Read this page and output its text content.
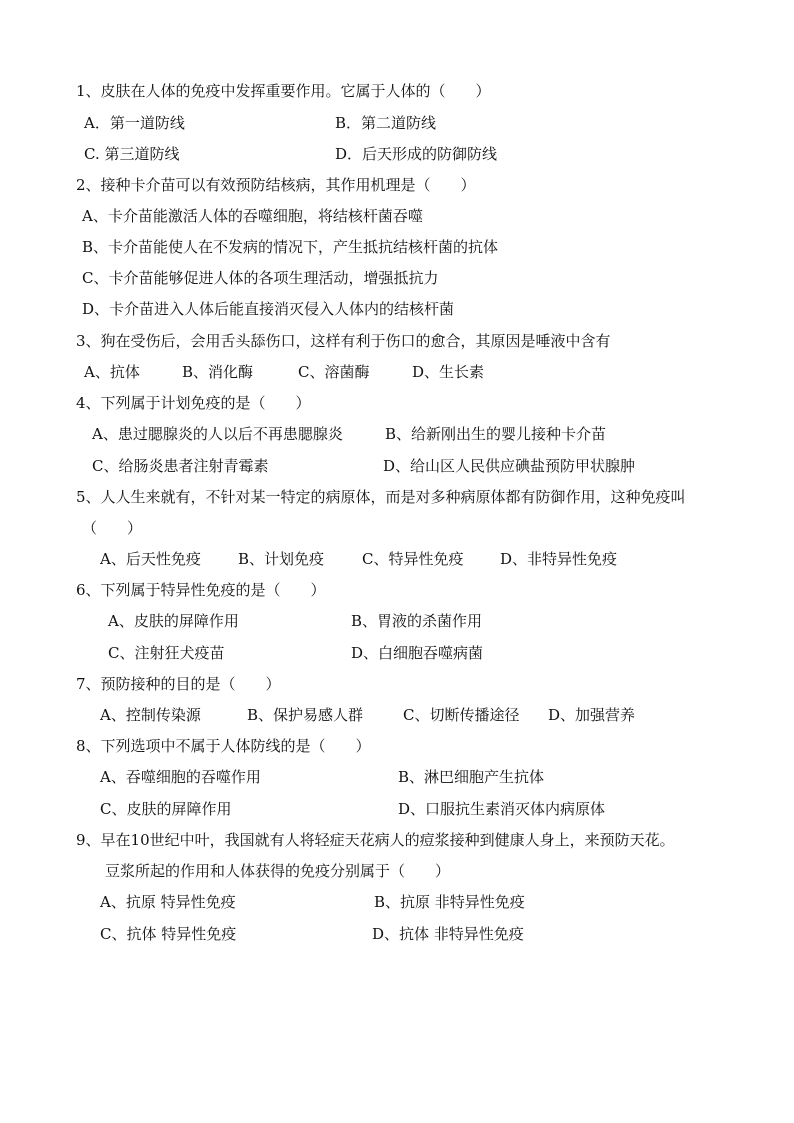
1、皮肤在人体的免疫中发挥重要作用。它属于人体的（　　）
A．第一道防线	B．第二道防线
C. 第三道防线	D．后天形成的防御防线
2、接种卡介苗可以有效预防结核病，其作用机理是（　　）
A、卡介苗能激活人体的吞噬细胞，将结核杆菌吞噬
B、卡介苗能使人在不发病的情况下，产生抵抗结核杆菌的抗体
C、卡介苗能够促进人体的各项生理活动，增强抵抗力
D、卡介苗进入人体后能直接消灭侵入人体内的结核杆菌
3、狗在受伤后，会用舌头舔伤口，这样有利于伤口的愈合，其原因是唾液中含有
A、抗体	B、消化酶	C、溶菌酶	D、生长素
4、下列属于计划免疫的是（　　）
A、患过腮腺炎的人以后不再患腮腺炎	B、给新刚出生的婴儿接种卡介苗
C、给肠炎患者注射青霉素	D、给山区人民供应碘盐预防甲状腺肿
5、人人生来就有，不针对某一特定的病原体，而是对多种病原体都有防御作用，这种免疫叫
（　　）
A、后天性免疫 B、计划免疫	C、特异性免疫 D、非特异性免疫
6、下列属于特异性免疫的是（　　）
A、皮肤的屏障作用	B、胃液的杀菌作用
C、注射狂犬疫苗	D、白细胞吞噬病菌
7、预防接种的目的是（　　）
A、控制传染源	B、保护易感人群	C、切断传播途径 D、加强营养
8、下列选项中不属于人体防线的是（　　）
A、吞噬细胞的吞噬作用	B、淋巴细胞产生抗体
C、皮肤的屏障作用	D、口服抗生素消灭体内病原体
9、早在10世纪中叶，我国就有人将轻症天花病人的痘浆接种到健康人身上，来预防天花。
豆浆所起的作用和人体获得的免疫分别属于（　　）
A、抗原 特异性免疫	B、抗原 非特异性免疫
C、抗体 特异性免疫	D、抗体 非特异性免疫
